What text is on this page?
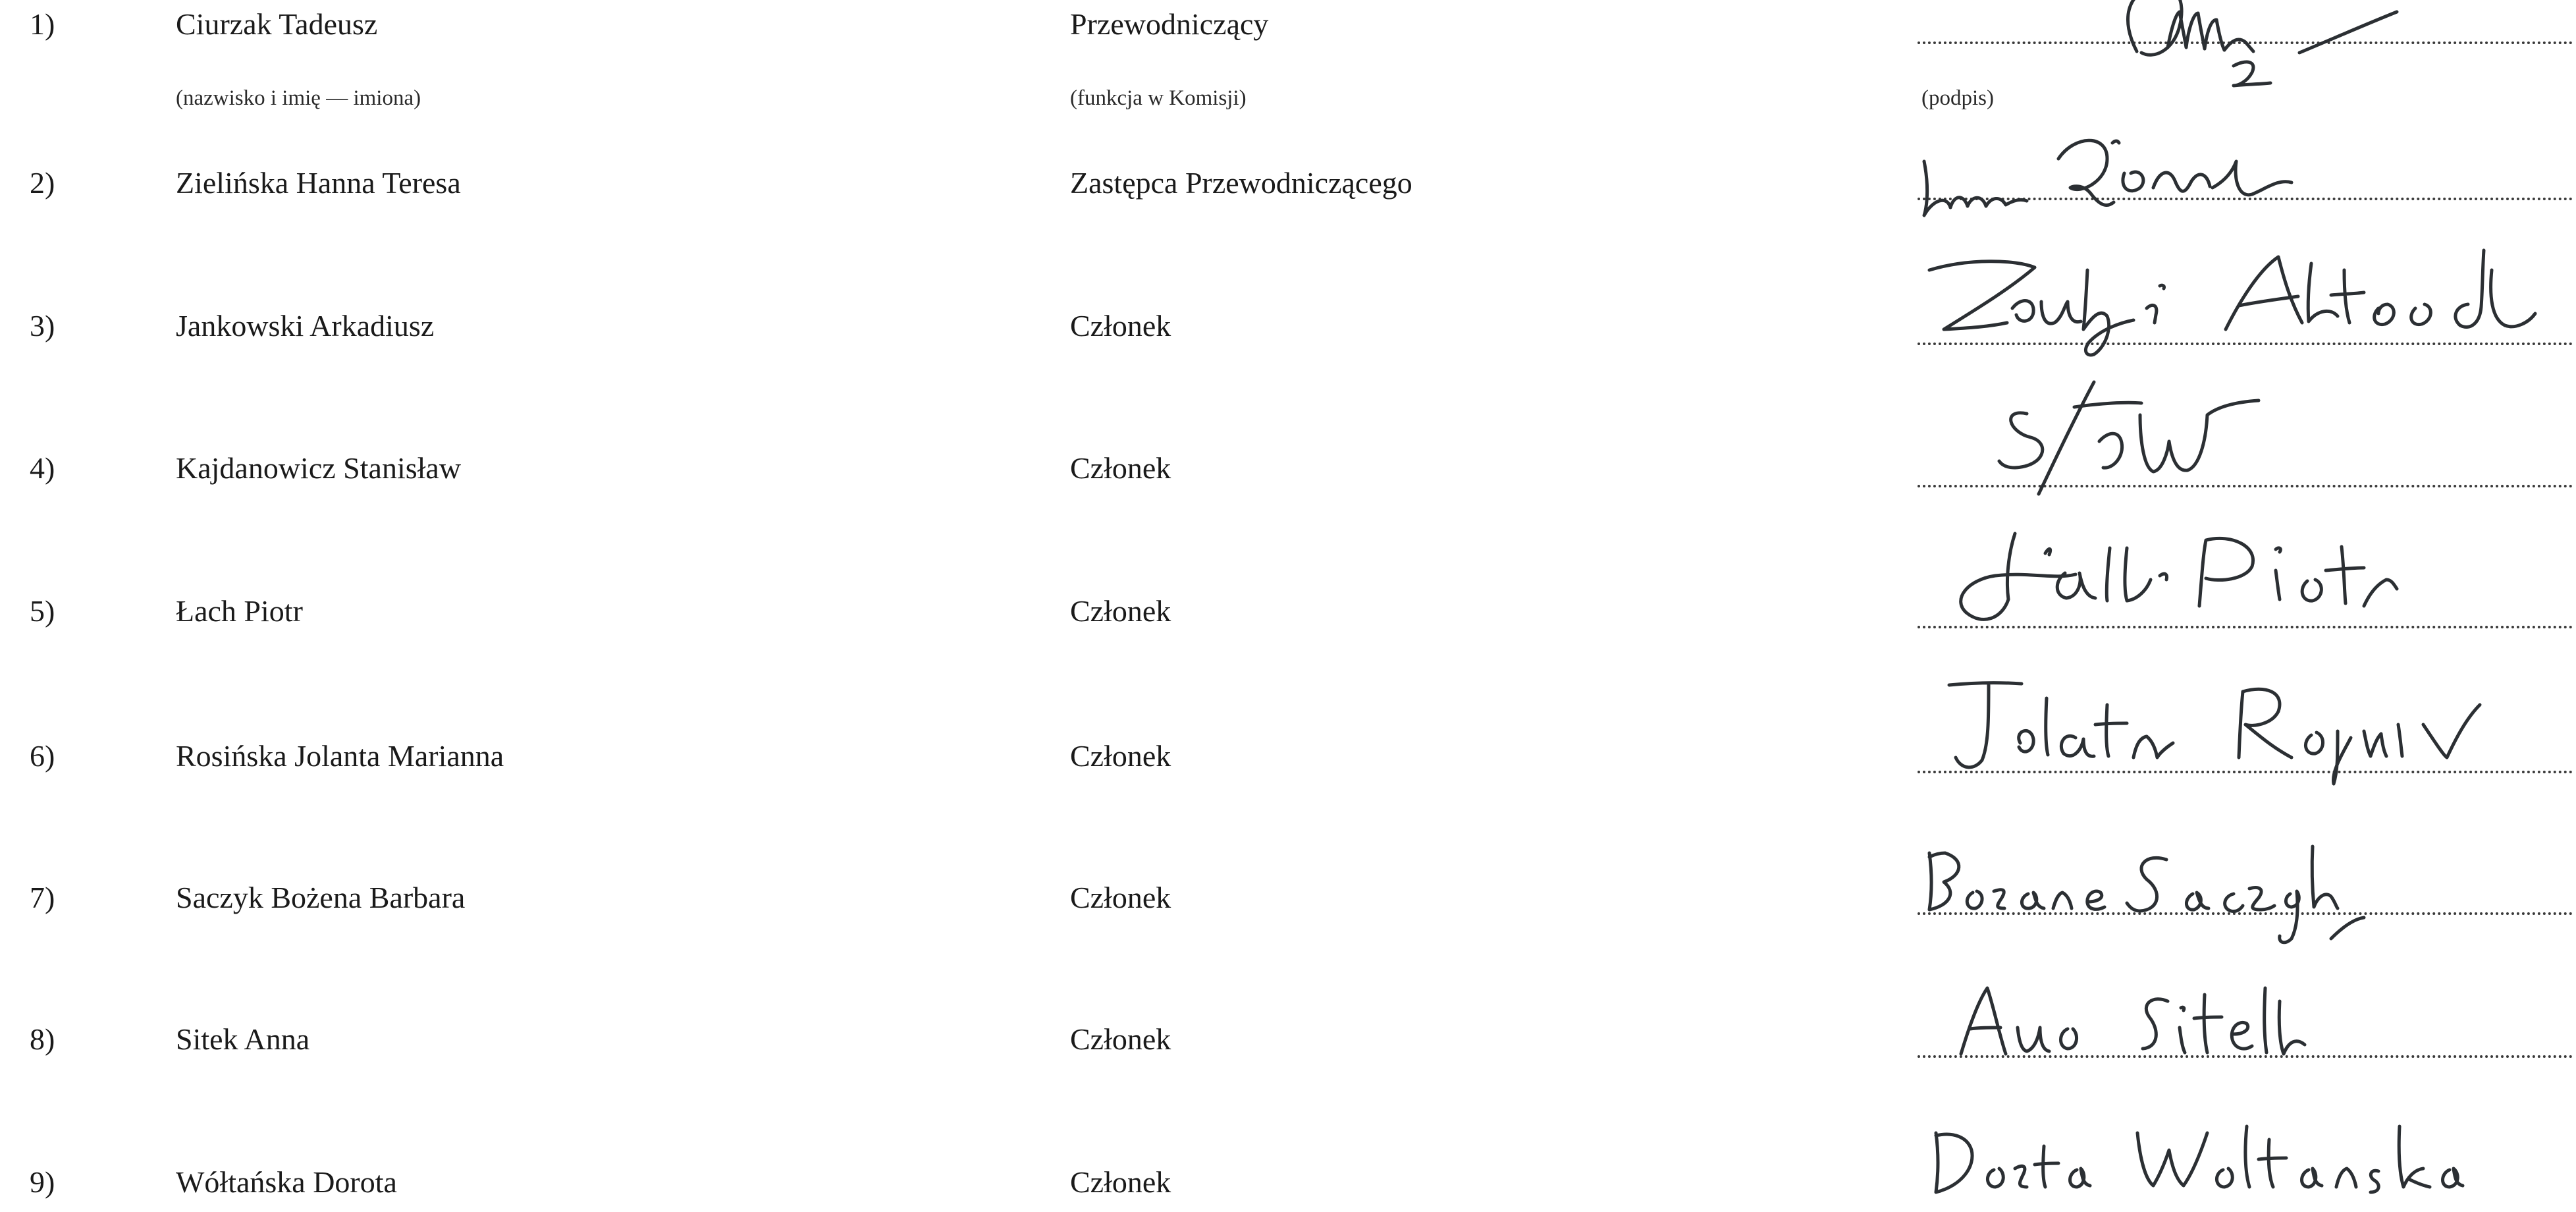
1)	Ciurzak Tadeusz	Przewodniczący
(nazwisko i imię — imiona)	(funkcja w Komisji)	(podpis)
2)	Zielińska Hanna Teresa	Zastępca Przewodniczącego
3)	Jankowski Arkadiusz	Członek
4)	Kajdanowicz Stanisław	Członek
5)	Łach Piotr	Członek
6)	Rosińska Jolanta Marianna	Członek
7)	Saczyk Bożena Barbara	Członek
8)	Sitek Anna	Członek
9)	Wółtańska Dorota	Członek
